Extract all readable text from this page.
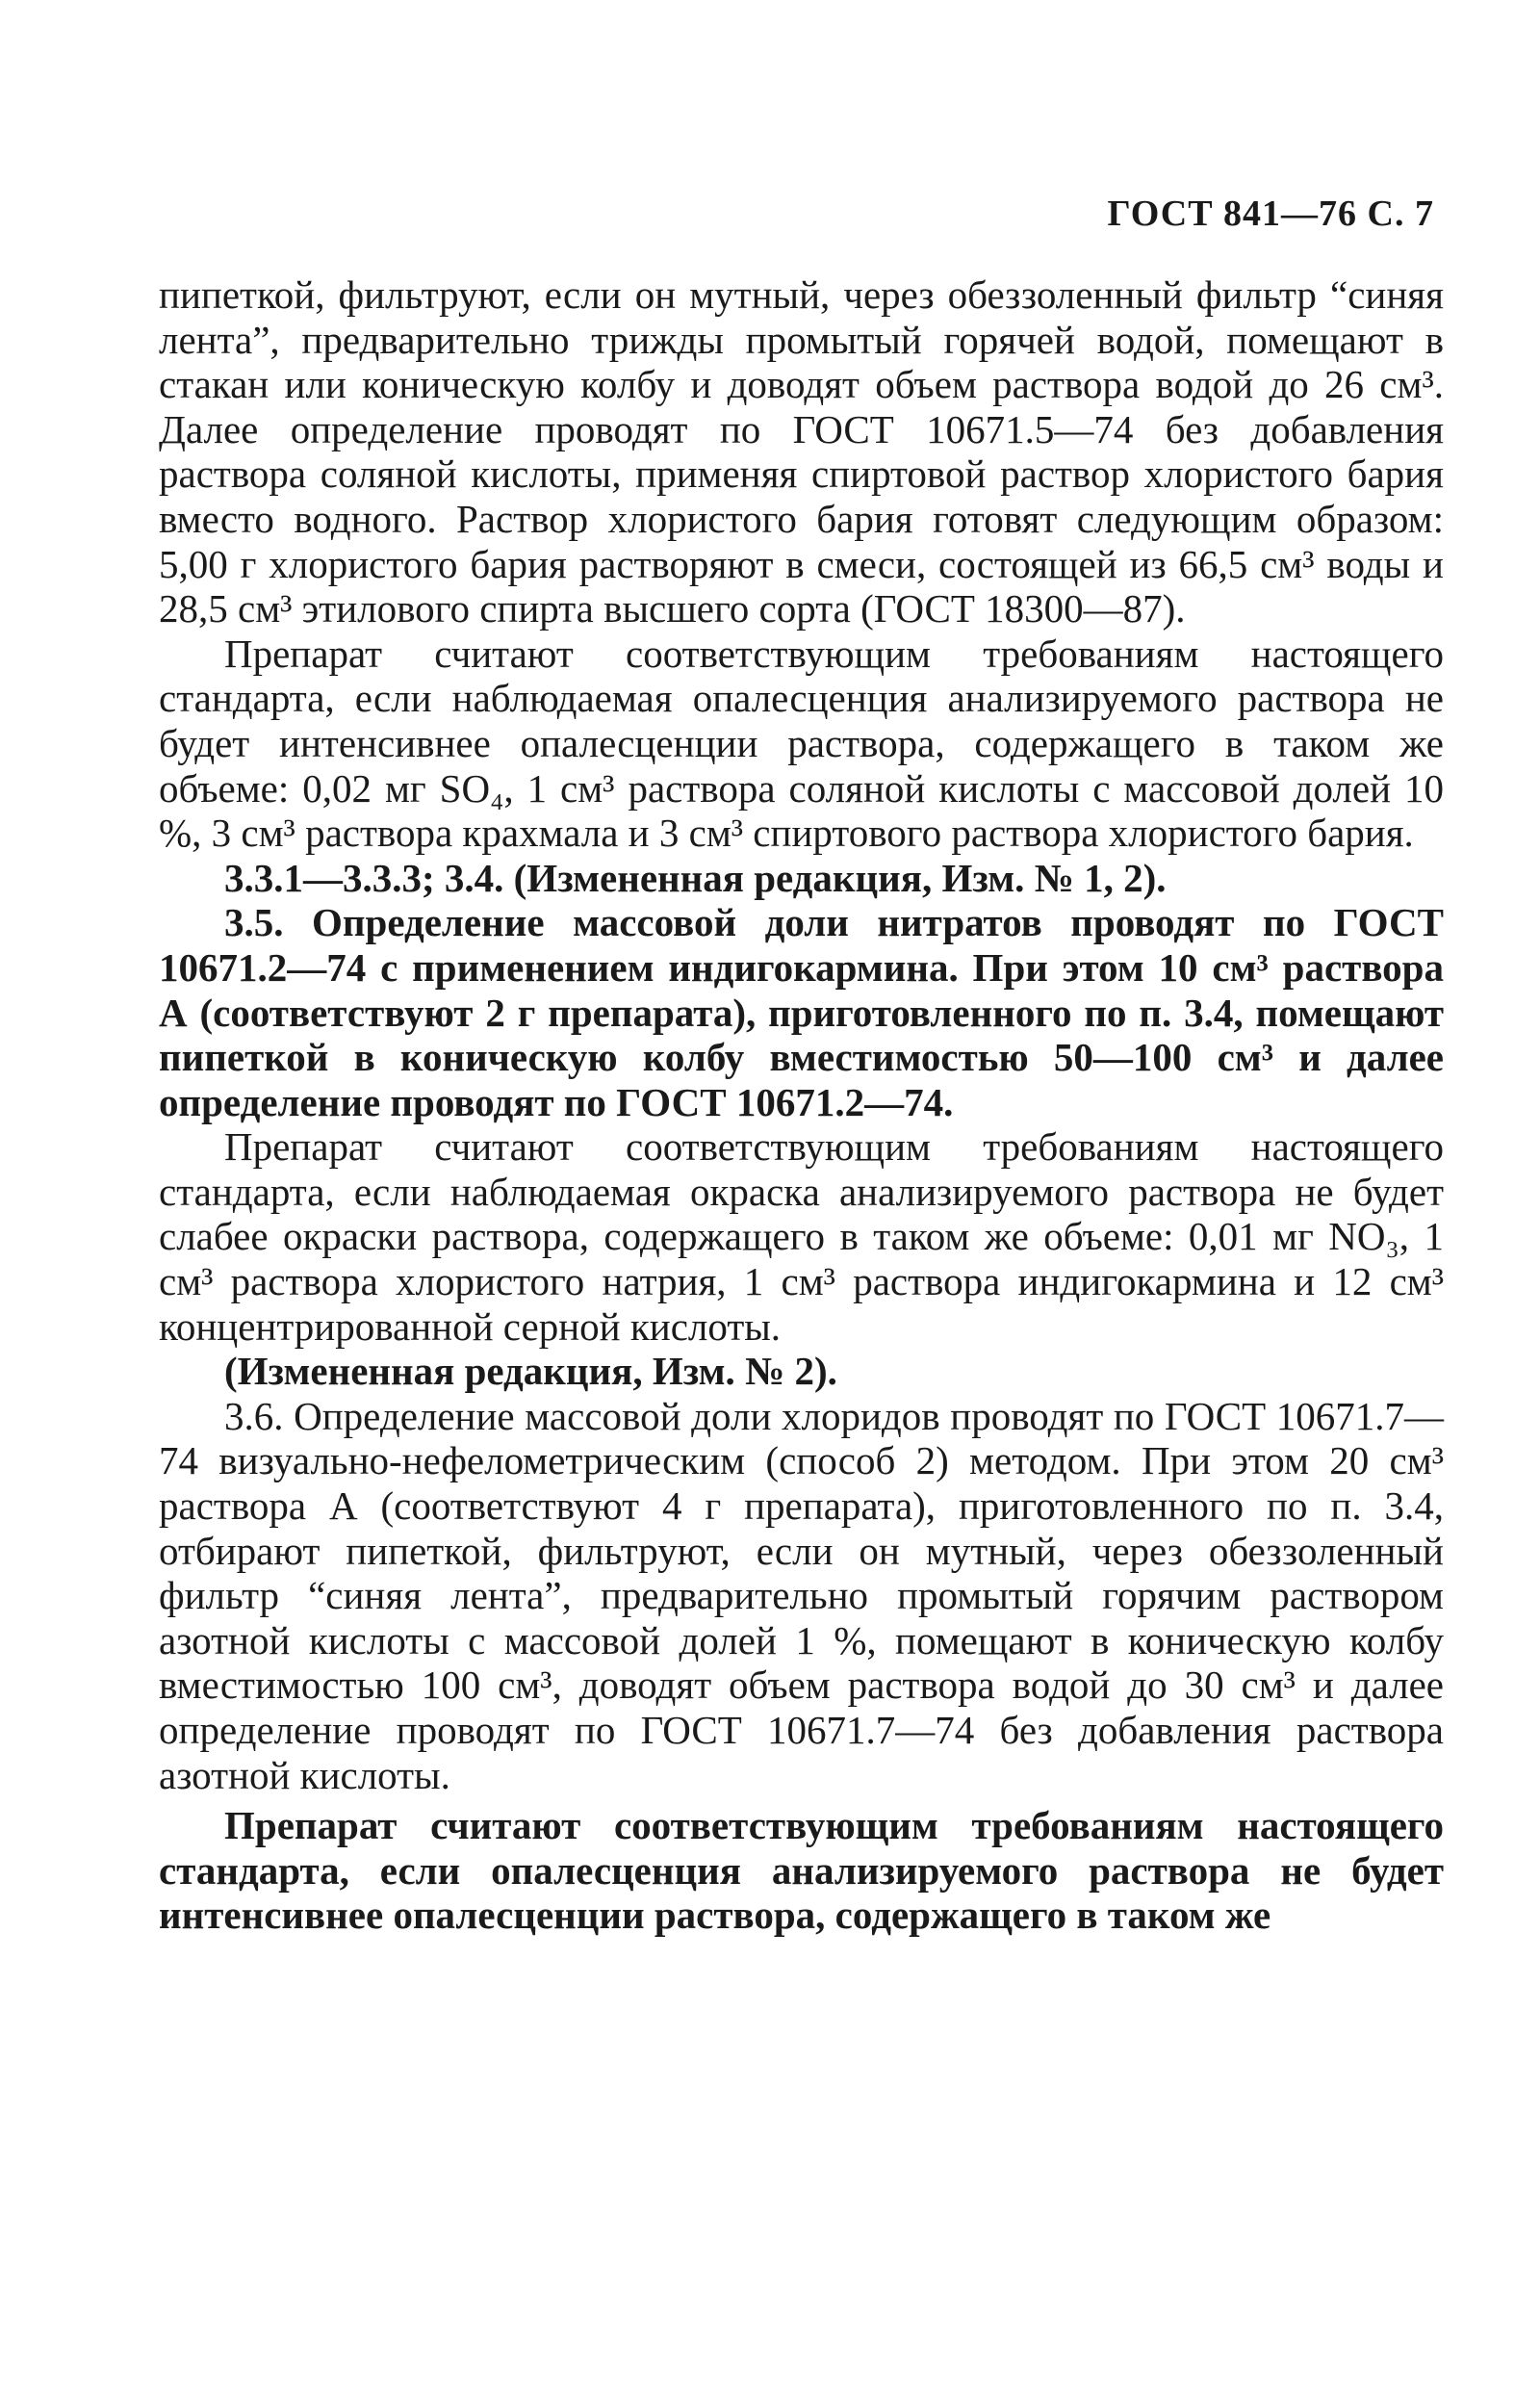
ГОСТ 841—76 С. 7

пипеткой, фильтруют, если он мутный, через обеззоленный фильтр “синяя лента”, предварительно трижды промытый горячей водой, помещают в стакан или коническую колбу и доводят объем раствора водой до 26 см³. Далее определение проводят по ГОСТ 10671.5—74 без добавления раствора соляной кислоты, применяя спиртовой раствор хлористого бария вместо водного. Раствор хлористого бария готовят следующим образом: 5,00 г хлористого бария растворяют в смеси, состоящей из 66,5 см³ воды и 28,5 см³ этилового спирта высшего сорта (ГОСТ 18300—87).

Препарат считают соответствующим требованиям настоящего стандарта, если наблюдаемая опалесценция анализируемого раствора не будет интенсивнее опалесценции раствора, содержащего в таком же объеме: 0,02 мг SO₄, 1 см³ раствора соляной кислоты с массовой долей 10 %, 3 см³ раствора крахмала и 3 см³ спиртового раствора хлористого бария.

3.3.1—3.3.3; 3.4. (Измененная редакция, Изм. № 1, 2).

3.5. Определение массовой доли нитратов проводят по ГОСТ 10671.2—74 с применением индигокармина. При этом 10 см³ раствора А (соответствуют 2 г препарата), приготовленного по п. 3.4, помещают пипеткой в коническую колбу вместимостью 50—100 см³ и далее определение проводят по ГОСТ 10671.2—74.

Препарат считают соответствующим требованиям настоящего стандарта, если наблюдаемая окраска анализируемого раствора не будет слабее окраски раствора, содержащего в таком же объеме: 0,01 мг NO₃, 1 см³ раствора хлористого натрия, 1 см³ раствора индигокармина и 12 см³ концентрированной серной кислоты.

(Измененная редакция, Изм. № 2).

3.6. Определение массовой доли хлоридов проводят по ГОСТ 10671.7—74 визуально-нефелометрическим (способ 2) методом. При этом 20 см³ раствора А (соответствуют 4 г препарата), приготовленного по п. 3.4, отбирают пипеткой, фильтруют, если он мутный, через обеззоленный фильтр “синяя лента”, предварительно промытый горячим раствором азотной кислоты с массовой долей 1 %, помещают в коническую колбу вместимостью 100 см³, доводят объем раствора водой до 30 см³ и далее определение проводят по ГОСТ 10671.7—74 без добавления раствора азотной кислоты.

Препарат считают соответствующим требованиям настоящего стандарта, если опалесценция анализируемого раствора не будет интенсивнее опалесценции раствора, содержащего в таком же
